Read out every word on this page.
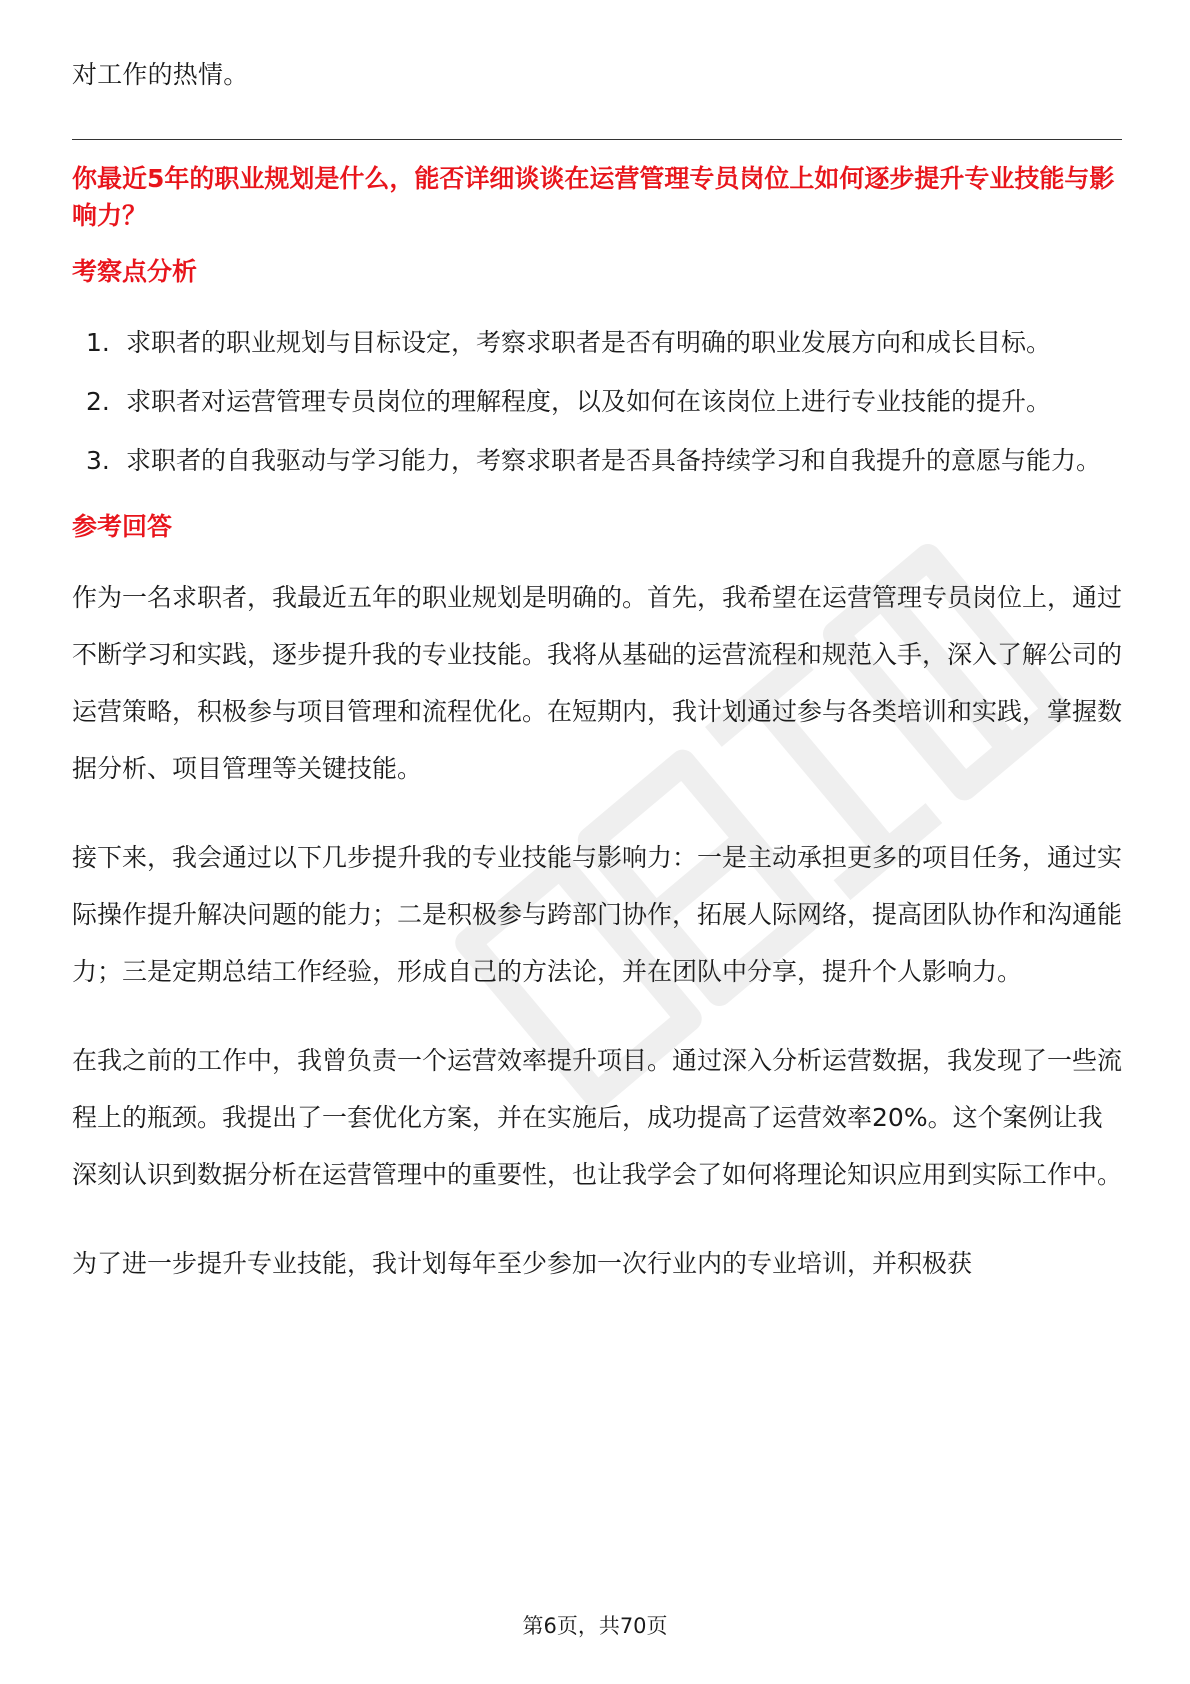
对工作的热情。

你最近5年的职业规划是什么，能否详细谈谈在运营管理专员岗位上如何逐步提升专业技能与影响力？

考察点分析

1. 求职者的职业规划与目标设定，考察求职者是否有明确的职业发展方向和成长目标。
2. 求职者对运营管理专员岗位的理解程度，以及如何在该岗位上进行专业技能的提升。
3. 求职者的自我驱动与学习能力，考察求职者是否具备持续学习和自我提升的意愿与能力。

参考回答

作为一名求职者，我最近五年的职业规划是明确的。首先，我希望在运营管理专员岗位上，通过不断学习和实践，逐步提升我的专业技能。我将从基础的运营流程和规范入手，深入了解公司的运营策略，积极参与项目管理和流程优化。在短期内，我计划通过参与各类培训和实践，掌握数据分析、项目管理等关键技能。

接下来，我会通过以下几步提升我的专业技能与影响力：一是主动承担更多的项目任务，通过实际操作提升解决问题的能力；二是积极参与跨部门协作，拓展人际网络，提高团队协作和沟通能力；三是定期总结工作经验，形成自己的方法论，并在团队中分享，提升个人影响力。

在我之前的工作中，我曾负责一个运营效率提升项目。通过深入分析运营数据，我发现了一些流程上的瓶颈。我提出了一套优化方案，并在实施后，成功提高了运营效率20%。这个案例让我深刻认识到数据分析在运营管理中的重要性，也让我学会了如何将理论知识应用到实际工作中。

为了进一步提升专业技能，我计划每年至少参加一次行业内的专业培训，并积极获

第6页，共70页
